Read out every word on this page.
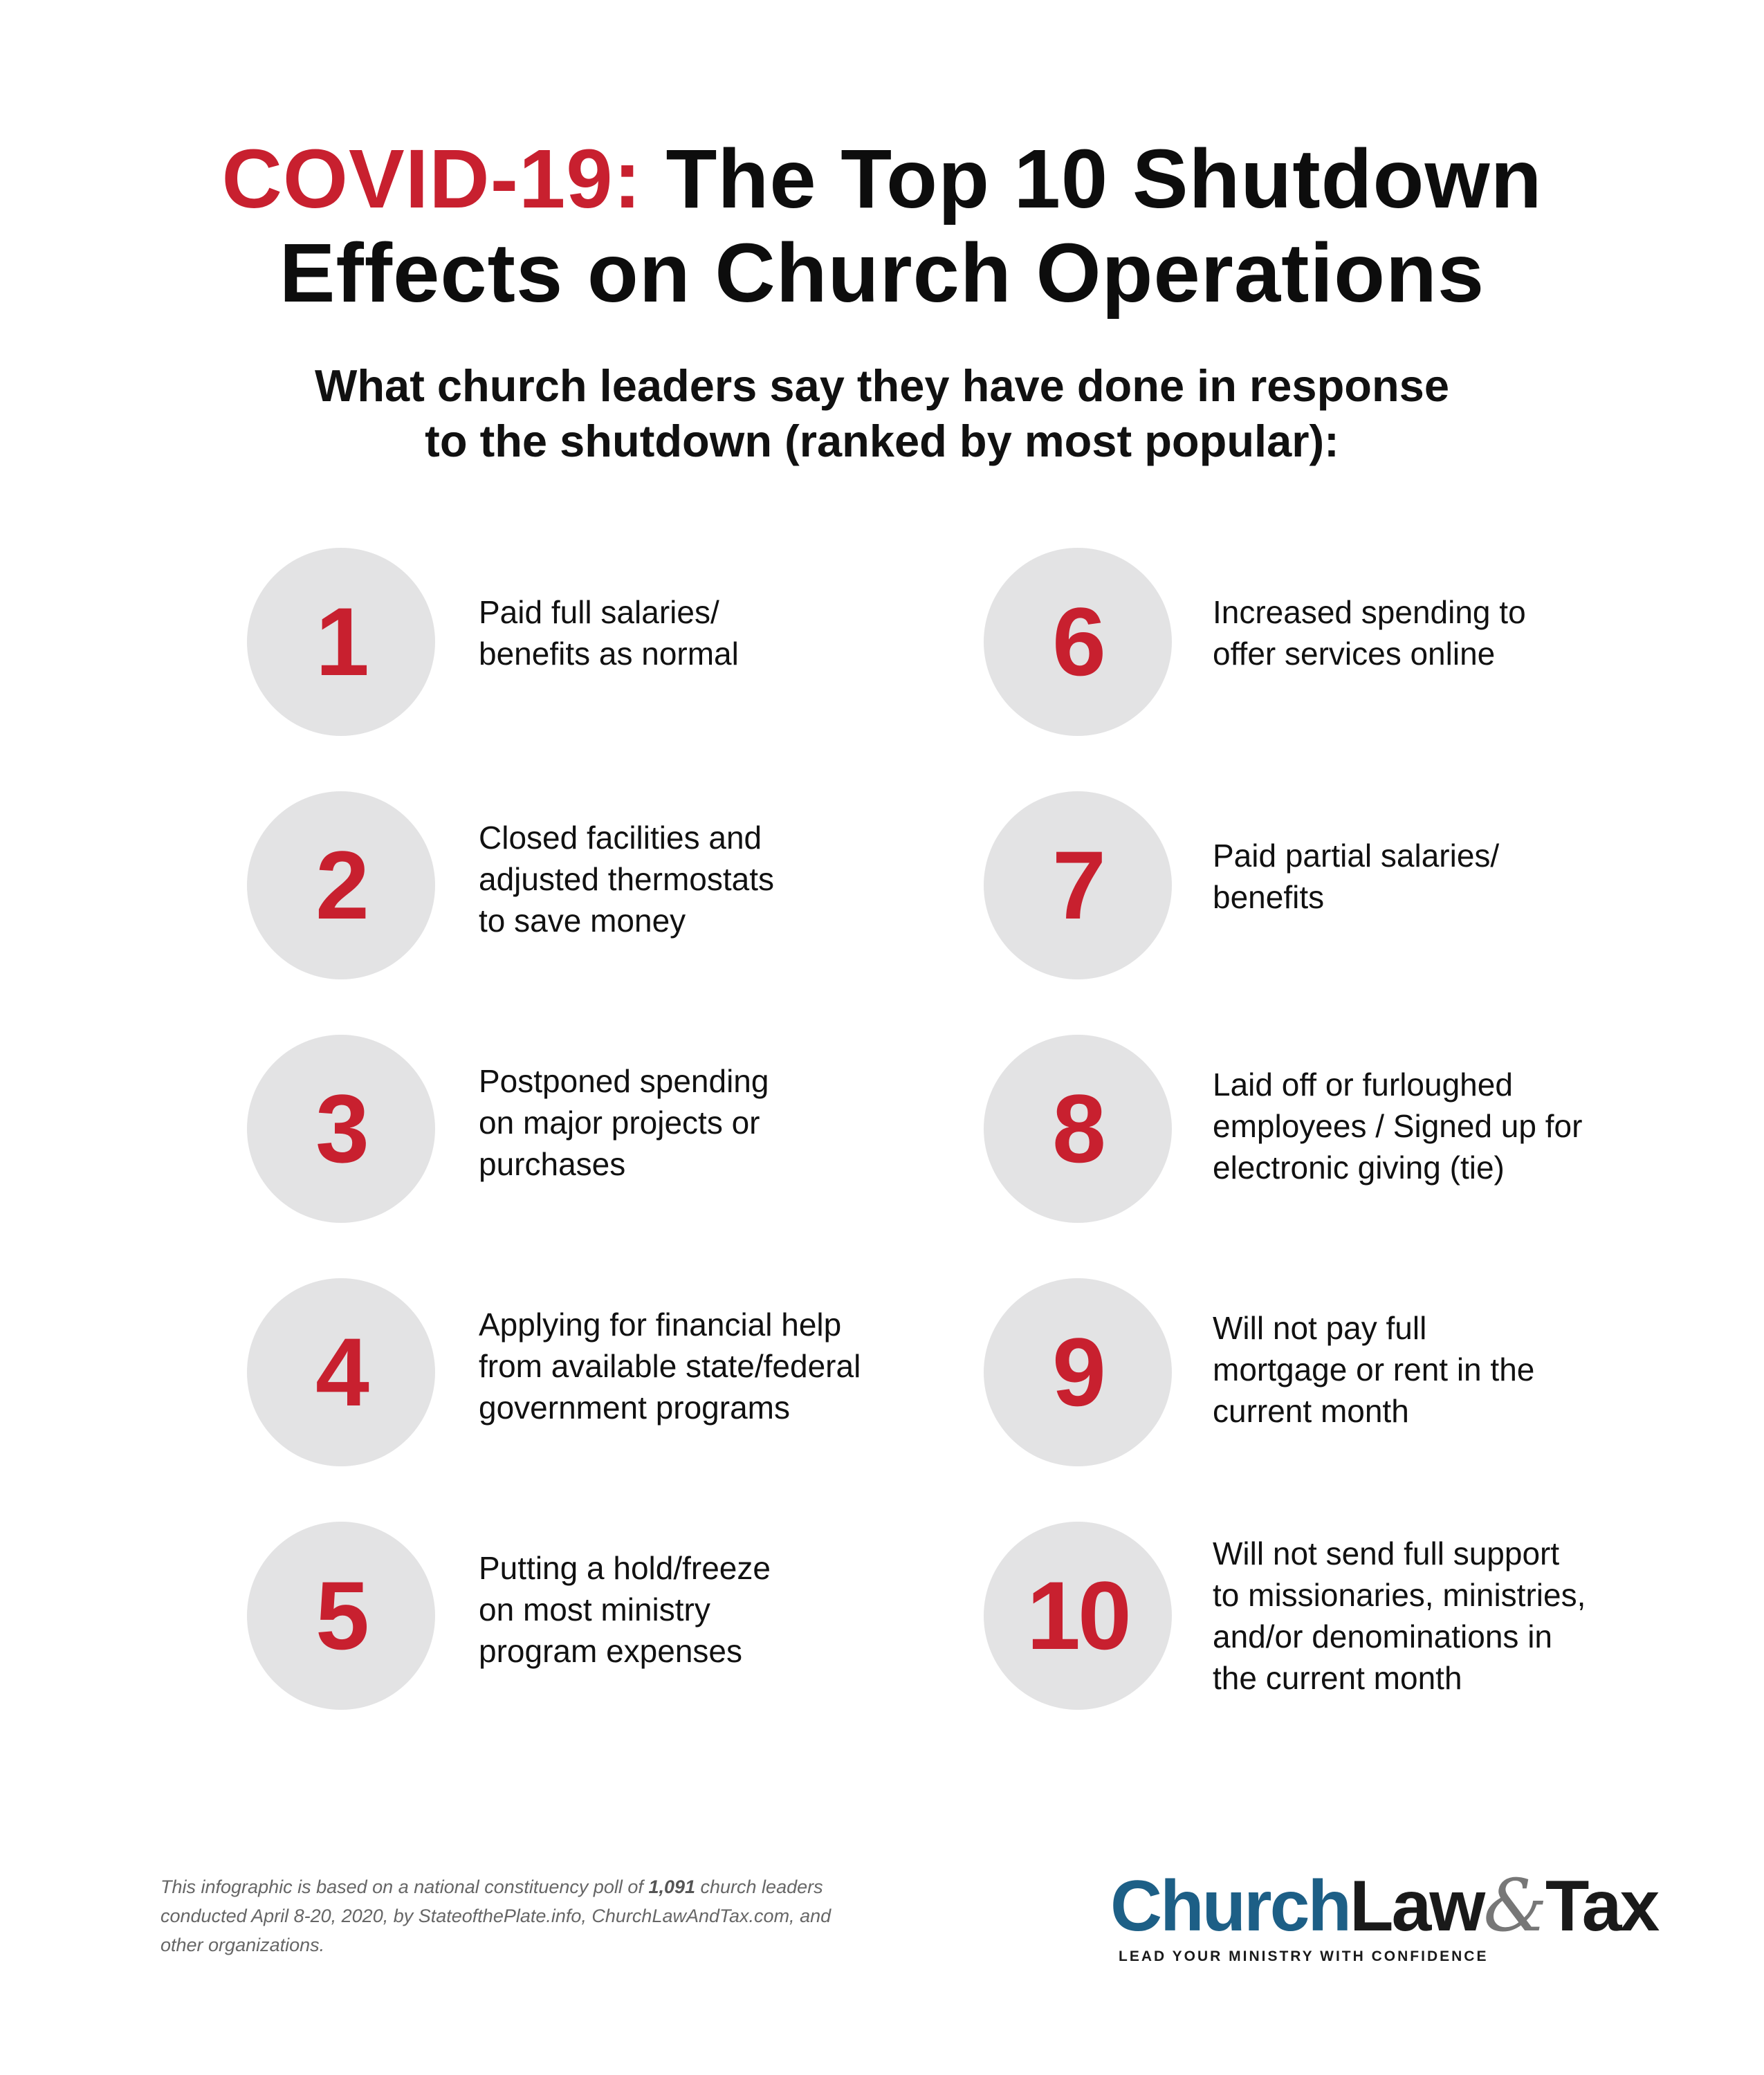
COVID-19: The Top 10 Shutdown
Effects on Church Operations
What church leaders say they have done in response
to the shutdown (ranked by most popular):
1	Paid full salaries/
benefits as normal
2	Closed facilities and
adjusted thermostats
to save money
3	Postponed spending
on major projects or
purchases
4	Applying for financial help
from available state/federal
government programs
5	Putting a hold/freeze
on most ministry
program expenses
6	Increased spending to
offer services online
7	Paid partial salaries/
benefits
8	Laid off or furloughed
employees / Signed up for
electronic giving (tie)
9	Will not pay full
mortgage or rent in the
current month
10
Will not send full support
to missionaries, ministries,
and/or denominations in
the current month
This infographic is based on a national constituency poll of 1,091 church leaders
conducted April 8-20, 2020, by StateofthePlate.info, ChurchLawAndTax.com, and
other organizations.	ChurchLaw&Tax
LEAD YOUR MINISTRY WITH CONFIDENCE
